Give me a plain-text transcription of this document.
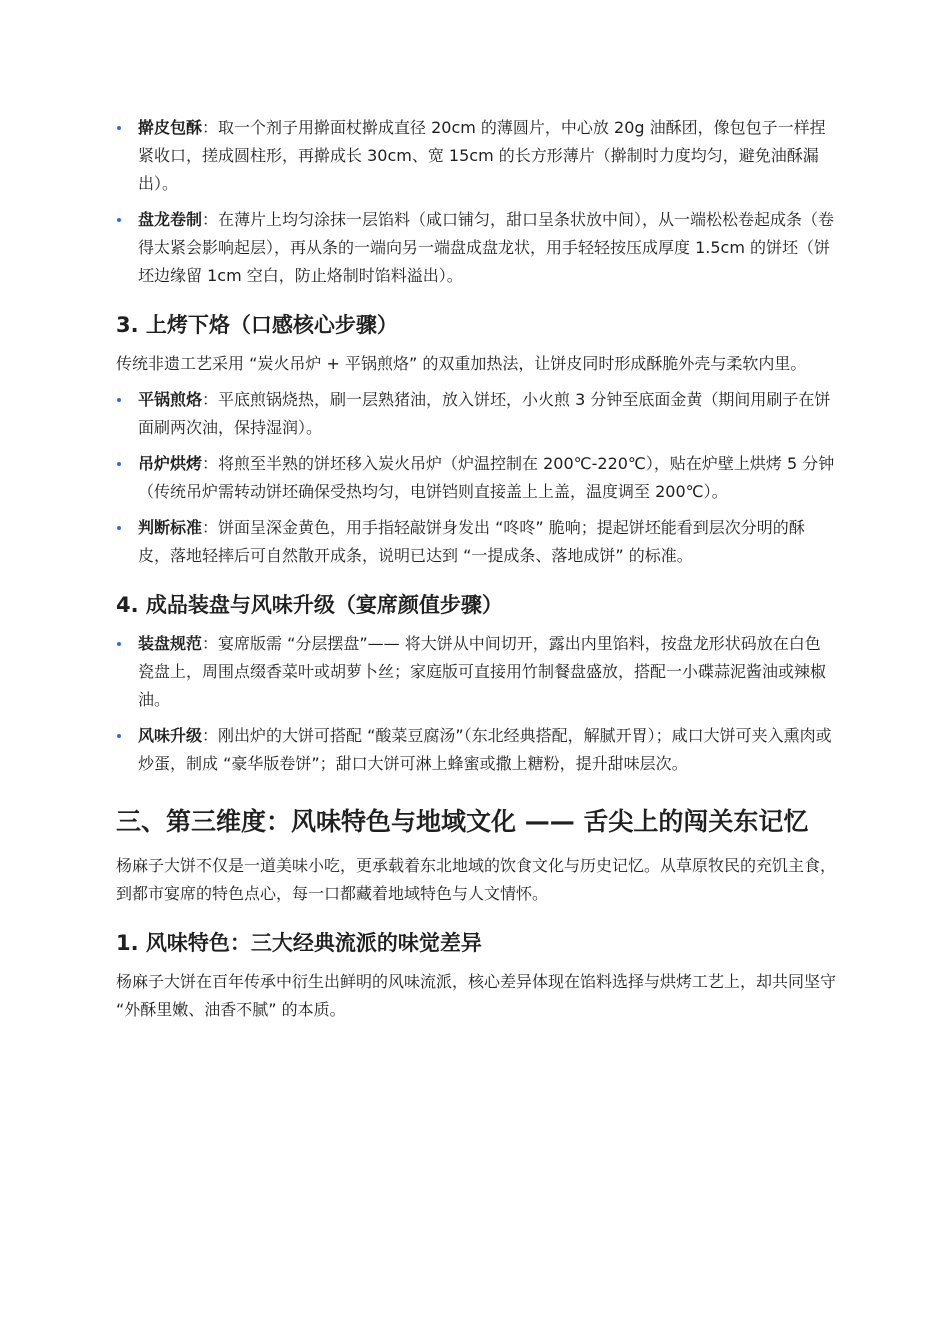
擀皮包酥：取一个剂子用擀面杖擀成直径 20cm 的薄圆片，中心放 20g 油酥团，像包包子一样捏紧收口，搓成圆柱形，再擀成长 30cm、宽 15cm 的长方形薄片（擀制时力度均匀，避免油酥漏出）。
盘龙卷制：在薄片上均匀涂抹一层馅料（咸口铺匀，甜口呈条状放中间），从一端松松卷起成条（卷得太紧会影响起层），再从条的一端向另一端盘成盘龙状，用手轻轻按压成厚度 1.5cm 的饼坯（饼坯边缘留 1cm 空白，防止烙制时馅料溢出）。
3. 上烤下烙（口感核心步骤）

传统非遗工艺采用 “炭火吊炉 + 平锅煎烙” 的双重加热法，让饼皮同时形成酥脆外壳与柔软内里。

平锅煎烙：平底煎锅烧热，刷一层熟猪油，放入饼坯，小火煎 3 分钟至底面金黄（期间用刷子在饼面刷两次油，保持湿润）。
吊炉烘烤：将煎至半熟的饼坯移入炭火吊炉（炉温控制在 200℃-220℃），贴在炉壁上烘烤 5 分钟（传统吊炉需转动饼坯确保受热均匀，电饼铛则直接盖上上盖，温度调至 200℃）。
判断标准：饼面呈深金黄色，用手指轻敲饼身发出 “咚咚” 脆响；提起饼坯能看到层次分明的酥皮，落地轻摔后可自然散开成条，说明已达到 “一提成条、落地成饼” 的标准。
4. 成品装盘与风味升级（宴席颜值步骤）
装盘规范：宴席版需 “分层摆盘”—— 将大饼从中间切开，露出内里馅料，按盘龙形状码放在白色瓷盘上，周围点缀香菜叶或胡萝卜丝；家庭版可直接用竹制餐盘盛放，搭配一小碟蒜泥酱油或辣椒油。
风味升级：刚出炉的大饼可搭配 “酸菜豆腐汤”（东北经典搭配，解腻开胃）；咸口大饼可夹入熏肉或炒蛋，制成 “豪华版卷饼”；甜口大饼可淋上蜂蜜或撒上糖粉，提升甜味层次。
三、第三维度：风味特色与地域文化 —— 舌尖上的闯关东记忆

杨麻子大饼不仅是一道美味小吃，更承载着东北地域的饮食文化与历史记忆。从草原牧民的充饥主食，到都市宴席的特色点心，每一口都藏着地域特色与人文情怀。

1. 风味特色：三大经典流派的味觉差异

杨麻子大饼在百年传承中衍生出鲜明的风味流派，核心差异体现在馅料选择与烘烤工艺上，却共同坚守 “外酥里嫩、油香不腻” 的本质。
